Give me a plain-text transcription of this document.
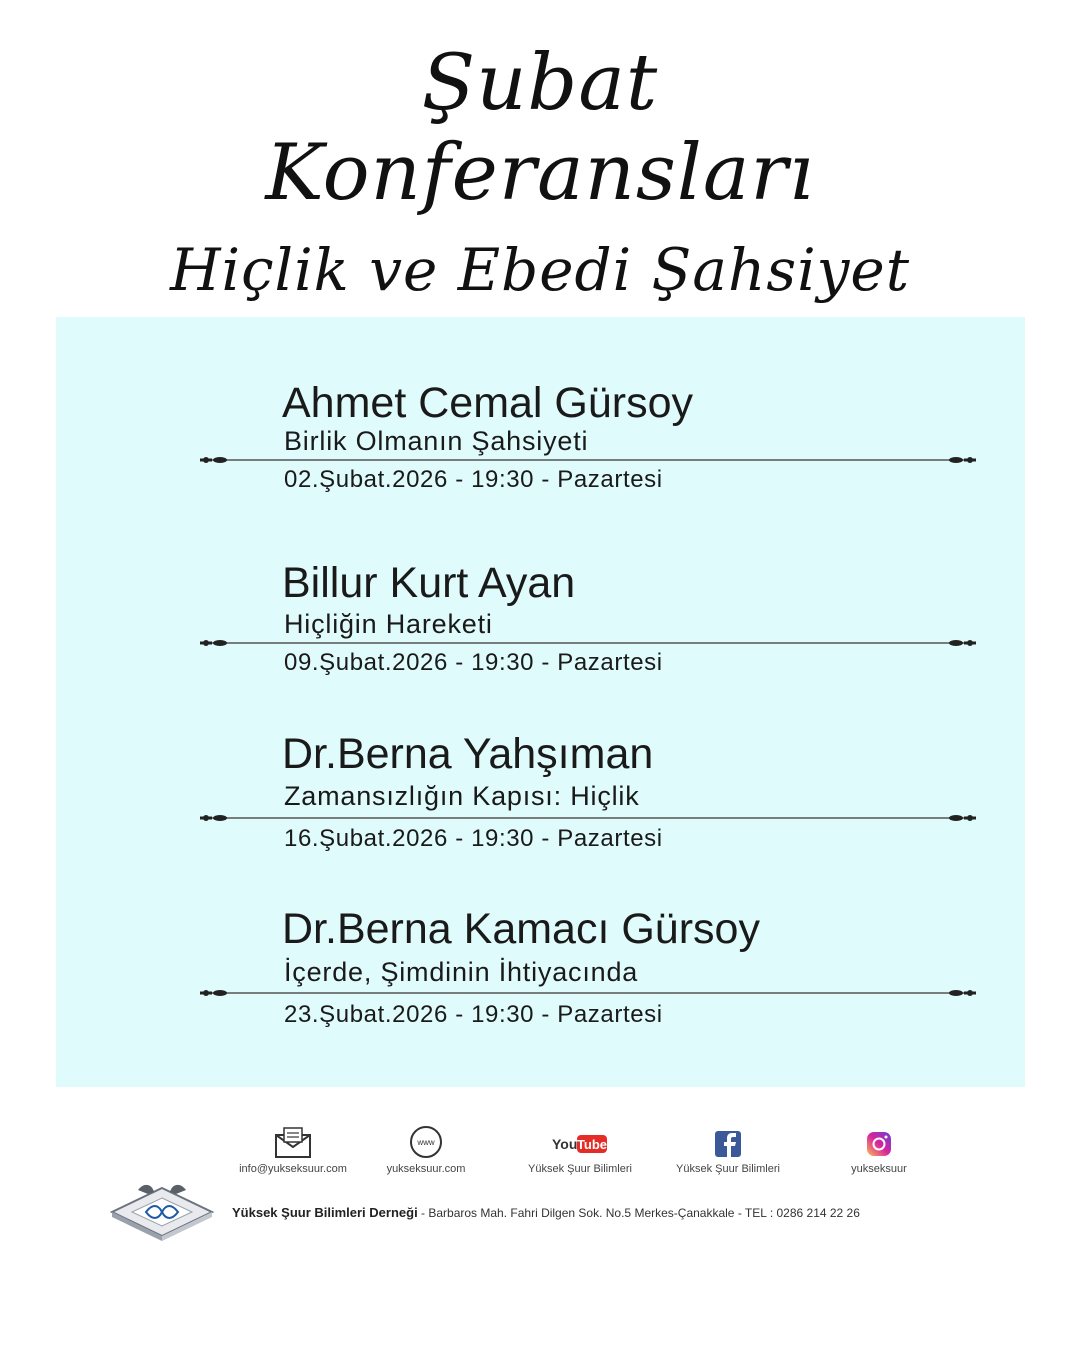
Şubat
Konferansları
Hiçlik ve Ebedi Şahsiyet
Ahmet Cemal Gürsoy
Birlik Olmanın Şahsiyeti
02.Şubat.2026 - 19:30 - Pazartesi
Billur Kurt Ayan
Hiçliğin Hareketi
09.Şubat.2026 - 19:30 - Pazartesi
Dr.Berna Yahşıman
Zamansızlığın Kapısı: Hiçlik
16.Şubat.2026 - 19:30 - Pazartesi
Dr.Berna Kamacı Gürsoy
İçerde, Şimdinin İhtiyacında
23.Şubat.2026 - 19:30 - Pazartesi
info@yukseksuur.com
www
yukseksuur.com
You Tube
Yüksek Şuur Bilimleri	Yüksek Şuur Bilimleri	yukseksuur
Yüksek Şuur Bilimleri Derneği - Barbaros Mah. Fahri Dilgen Sok. No.5 Merkes-Çanakkale - TEL : 0286 214 22 26
